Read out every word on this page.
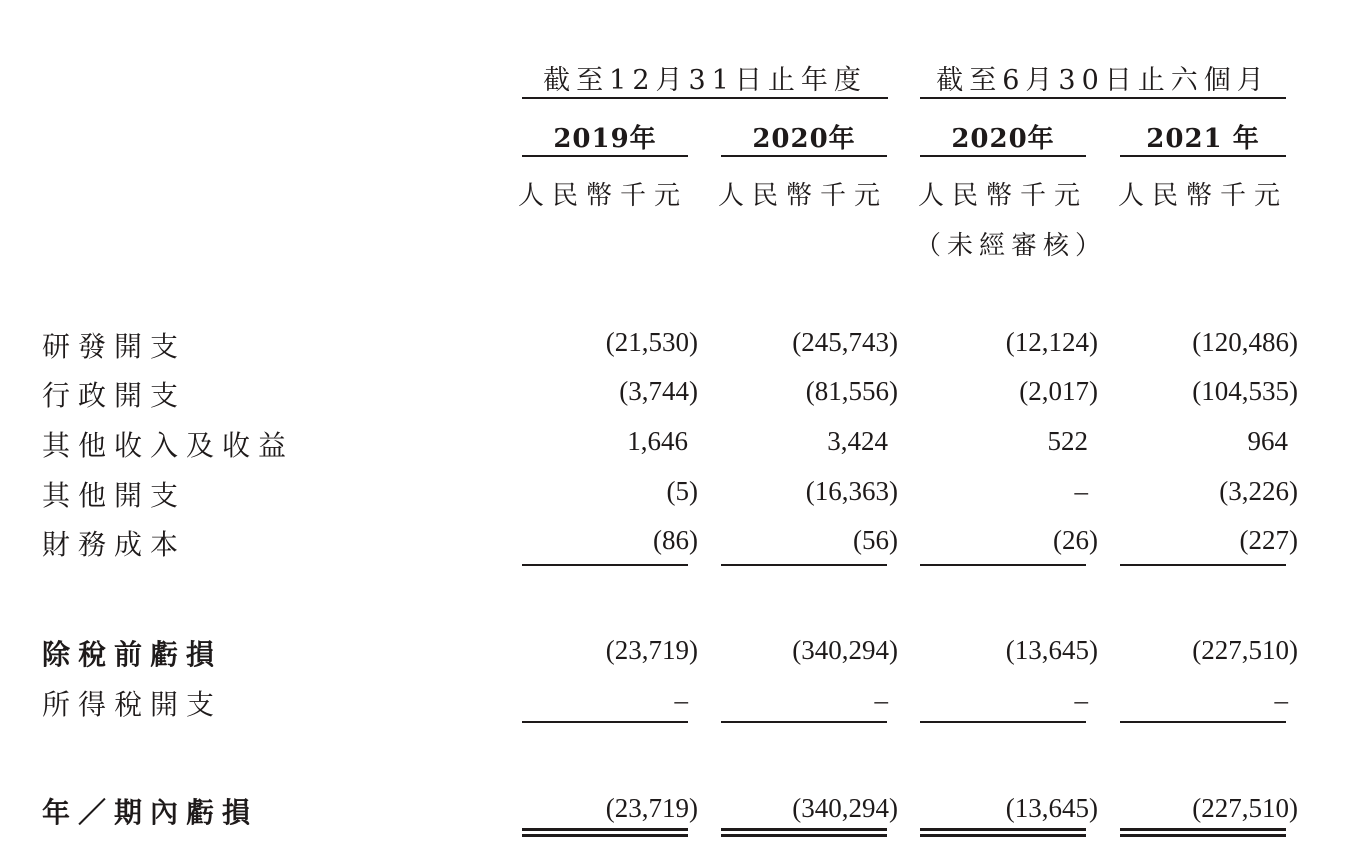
截至12月31日止年度	截至6月30日止六個月
2019年	2020年	2020年	2021 年
人民幣千元 人民幣千元 人民幣千元 人民幣千元
（未經審核）
研發開支	(21,530)	(245,743)	(12,124)	(120,486)
行政開支	(3,744)	(81,556)	(2,017)	(104,535)
其他收入及收益	1,646	3,424	522	964
其他開支	(5)	(16,363)	–	(3,226)
財務成本	(86)	(56)	(26)	(227)
除稅前虧損	(23,719)	(340,294)	(13,645)	(227,510)
所得稅開支	–	–	–	–
年／期內虧損	(23,719)	(340,294)	(13,645)	(227,510)
